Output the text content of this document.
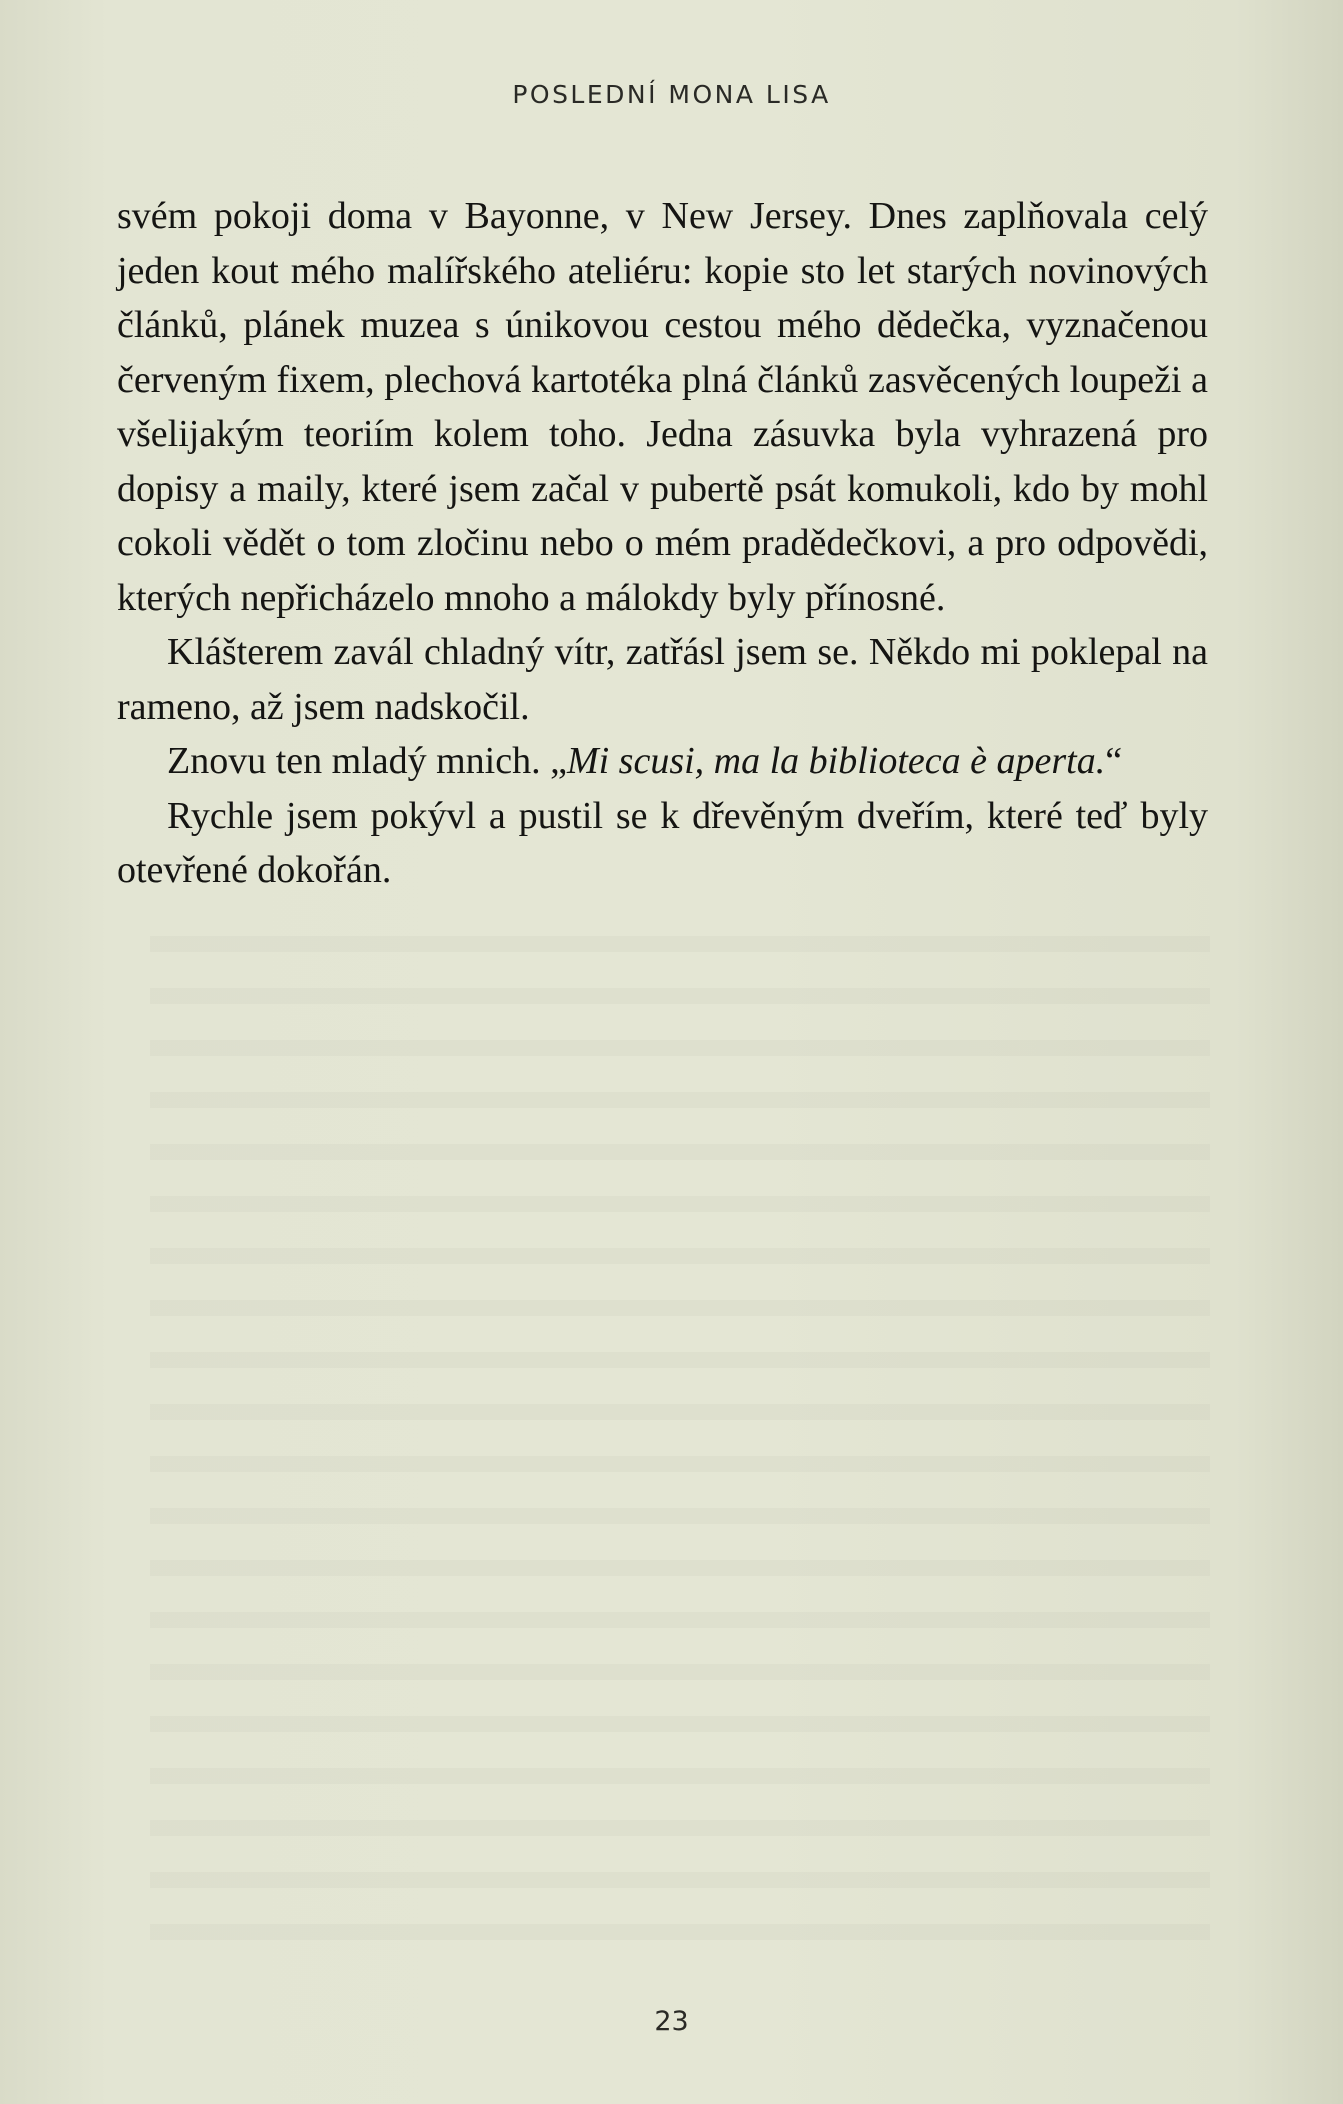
POSLEDNÍ MONA LISA

svém pokoji doma v Bayonne, v New Jersey. Dnes zaplňovala celý jeden kout mého malířského ateliéru: kopie sto let starých novinových článků, plánek muzea s únikovou cestou mého dědečka, vyznačenou červeným fixem, plechová kartotéka plná článků zasvěcených loupeži a všelijakým teoriím kolem toho. Jedna zásuvka byla vyhrazená pro dopisy a maily, které jsem začal v pubertě psát komukoli, kdo by mohl cokoli vědět o tom zločinu nebo o mém pradědečkovi, a pro odpovědi, kterých nepřicházelo mnoho a málokdy byly přínosné.

Klášterem zavál chladný vítr, zatřásl jsem se. Někdo mi poklepal na rameno, až jsem nadskočil.

Znovu ten mladý mnich. „Mi scusi, ma la biblioteca è aperta.“

Rychle jsem pokývl a pustil se k dřevěným dveřím, které teď byly otevřené dokořán.

23
